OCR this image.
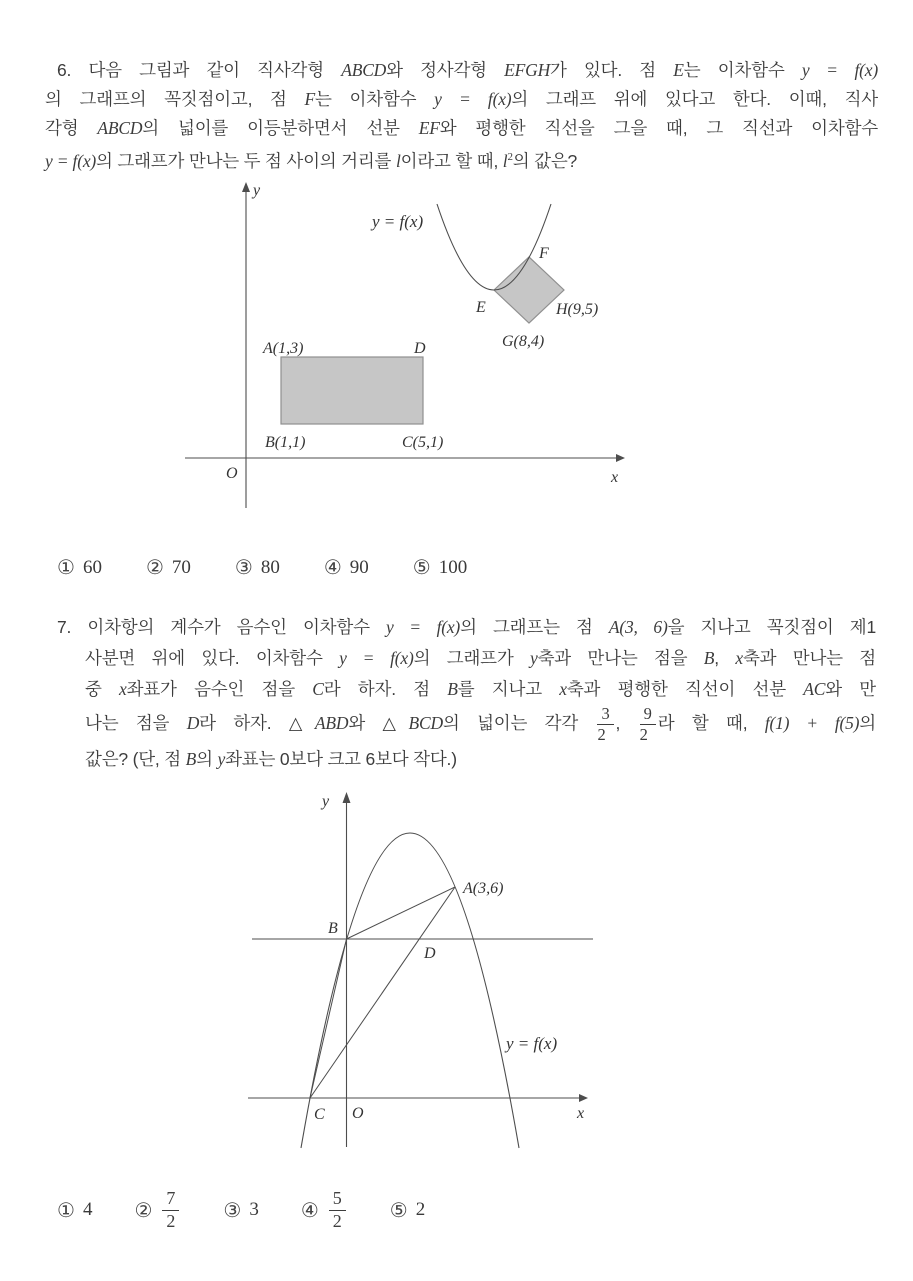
6. 다음 그림과 같이 직사각형 ABCD와 정사각형 EFGH가 있다. 점 E는 이차함수 y = f(x)
의 그래프의 꼭짓점이고, 점 F는 이차함수 y = f(x)의 그래프 위에 있다고 한다. 이때, 직사
각형 ABCD의 넓이를 이등분하면서 선분 EF와 평행한 직선을 그을 때, 그 직선과 이차함수
y = f(x)의 그래프가 만나는 두 점 사이의 거리를 l이라고 할 때, $l^2$의 값은?
y
x
O
y = f(x)
A(1,3)	D
B(1,1)	C(5,1)
E
F
G(8,4)
H(9,5)
① 60 ② 70 ③ 80 ④ 90 ⑤ 100
7. 이차항의 계수가 음수인 이차함수 y = f(x)의 그래프는 점 A(3, 6)을 지나고 꼭짓점이 제1
사분면 위에 있다. 이차함수 y = f(x)의 그래프가 y축과 만나는 점을 B, x축과 만나는 점
중 x좌표가 음수인 점을 C라 하자. 점 B를 지나고 x축과 평행한 직선이 선분 AC와 만
나는 점을 D라 하자. △ABD와 △BCD의 넓이는 각각 $\frac{3}{2}$ , $\frac{9}{2}$ 라 할 때, f(1) + f(5)의
값은? (단, 점 B의 y좌표는 0보다 크고 6보다 작다.)
y
x
O
C
B
A(3,6)
D
y = f(x)
① 4 ② $\frac{7}{2}$ ③ 3 ④ $\frac{5}{2}$ ⑤ 2
